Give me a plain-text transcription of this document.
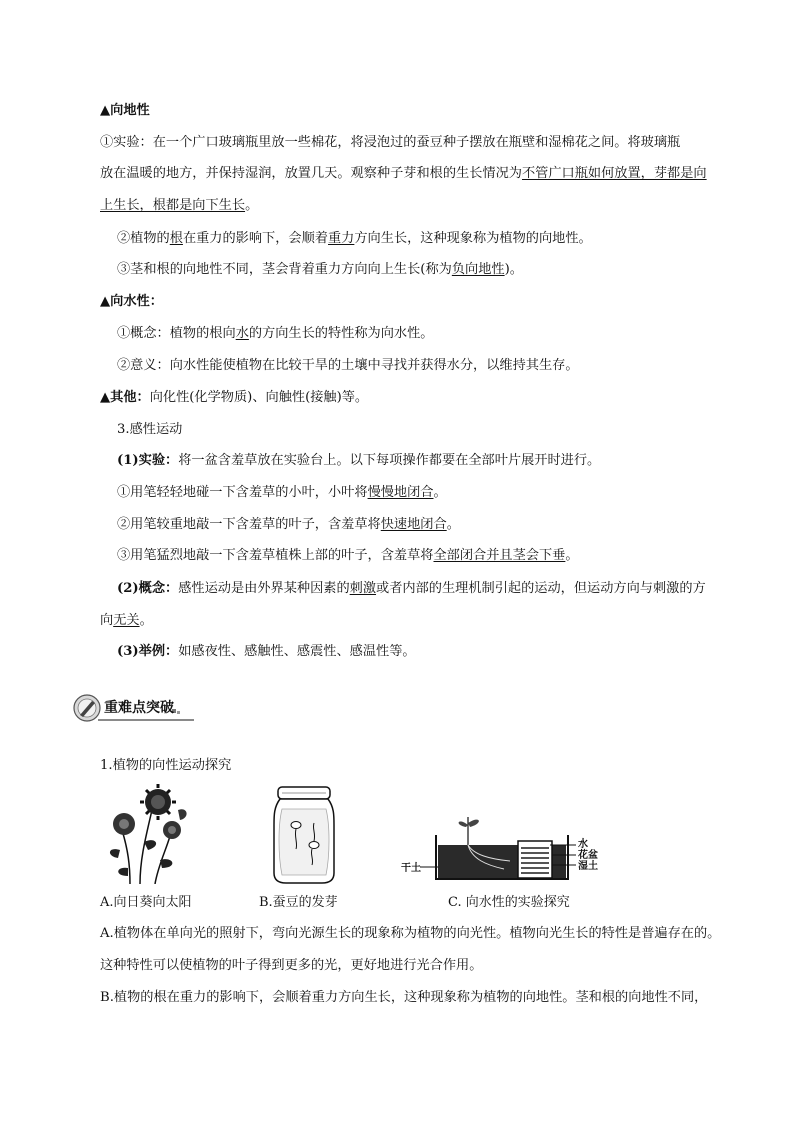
▲向地性
①实验：在一个广口玻璃瓶里放一些棉花，将浸泡过的蚕豆种子摆放在瓶壁和湿棉花之间。将玻璃瓶
放在温暖的地方，并保持湿润，放置几天。观察种子芽和根的生长情况为不管广口瓶如何放置，芽都是向
上生长，根都是向下生长。
②植物的根在重力的影响下，会顺着重力方向生长，这种现象称为植物的向地性。
③茎和根的向地性不同，茎会背着重力方向向上生长(称为负向地性)。
▲向水性：
①概念：植物的根向水的方向生长的特性称为向水性。
②意义：向水性能使植物在比较干旱的土壤中寻找并获得水分，以维持其生存。
▲其他：向化性(化学物质)、向触性(接触)等。
3.感性运动
(1)实验：将一盆含羞草放在实验台上。以下每项操作都要在全部叶片展开时进行。
①用笔轻轻地碰一下含羞草的小叶，小叶将慢慢地闭合。
②用笔较重地敲一下含羞草的叶子，含羞草将快速地闭合。
③用笔猛烈地敲一下含羞草植株上部的叶子，含羞草将全部闭合并且茎会下垂。
(2)概念：感性运动是由外界某种因素的刺激或者内部的生理机制引起的运动，但运动方向与刺激的方
向无关。
(3)举例：如感夜性、感触性、感震性、感温性等。
重难点突破
1.植物的向性运动探究
干土
水
花盆
湿土
A.向日葵向太阳	B.蚕豆的发芽	C. 向水性的实验探究
A.植物体在单向光的照射下，弯向光源生长的现象称为植物的向光性。植物向光生长的特性是普遍存在的。这种特性可以使植物的叶子得到更多的光，更好地进行光合作用。
B.植物的根在重力的影响下，会顺着重力方向生长，这种现象称为植物的向地性。茎和根的向地性不同，
